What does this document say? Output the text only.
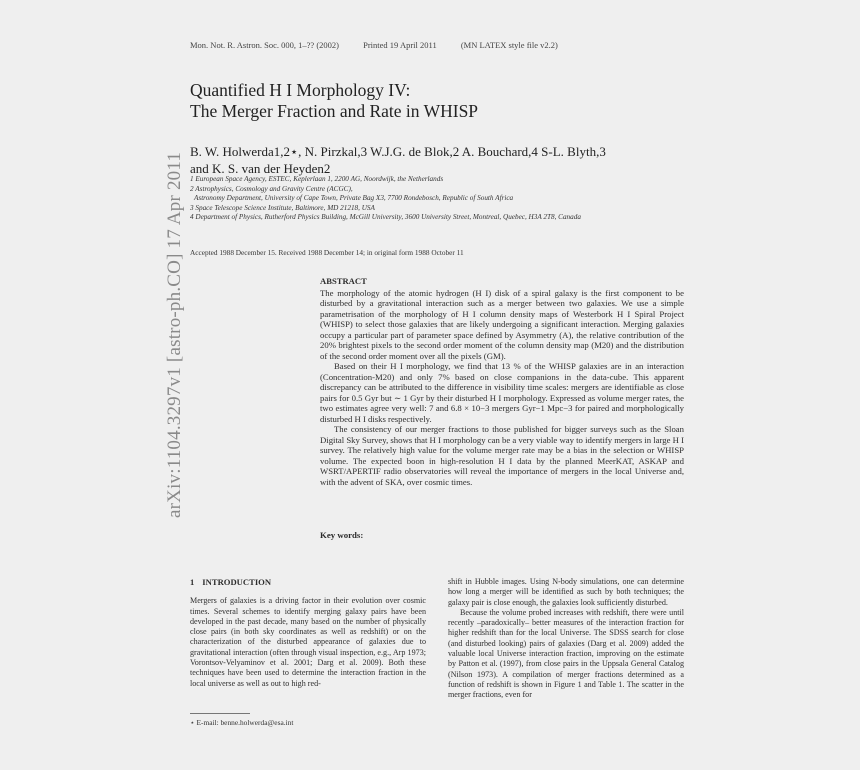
Mon. Not. R. Astron. Soc. 000, 1–?? (2002)	Printed 19 April 2011	(MN LATEX style file v2.2)
Quantified H I Morphology IV:
The Merger Fraction and Rate in WHISP
B. W. Holwerda1,2⋆, N. Pirzkal,3 W.J.G. de Blok,2 A. Bouchard,4 S-L. Blyth,3
and K. S. van der Heyden2
1 European Space Agency, ESTEC, Keplerlaan 1, 2200 AG, Noordwijk, the Netherlands
2 Astrophysics, Cosmology and Gravity Centre (ACGC),
Astronomy Department, University of Cape Town, Private Bag X3, 7700 Rondebosch, Republic of South Africa
3 Space Telescope Science Institute, Baltimore, MD 21218, USA
4 Department of Physics, Rutherford Physics Building, McGill University, 3600 University Street, Montreal, Quebec, H3A 2T8, Canada
Accepted 1988 December 15. Received 1988 December 14; in original form 1988 October 11
arXiv:1104.3297v1 [astro-ph.CO] 17 Apr 2011	ABSTRACT

The morphology of the atomic hydrogen (H I) disk of a spiral galaxy is the first component to be disturbed by a gravitational interaction such as a merger between two galaxies. We use a simple parametrisation of the morphology of H I column density maps of Westerbork H I Spiral Project (WHISP) to select those galaxies that are likely undergoing a significant interaction. Merging galaxies occupy a particular part of parameter space defined by Asymmetry (A), the relative contribution of the 20% brightest pixels to the second order moment of the column density map (M20) and the distribution of the second order moment over all the pixels (GM).

Based on their H I morphology, we find that 13 % of the WHISP galaxies are in an interaction (Concentration-M20) and only 7% based on close companions in the data-cube. This apparent discrepancy can be attributed to the difference in visibility time scales: mergers are identifiable as close pairs for 0.5 Gyr but ∼ 1 Gyr by their disturbed H I morphology. Expressed as volume merger rates, the two estimates agree very well: 7 and 6.8 × 10−3 mergers Gyr−1 Mpc−3 for paired and morphologically disturbed H I disks respectively.

The consistency of our merger fractions to those published for bigger surveys such as the Sloan Digital Sky Survey, shows that H I morphology can be a very viable way to identify mergers in large H I survey. The relatively high value for the volume merger rate may be a bias in the selection or WHISP volume. The expected boon in high-resolution H I data by the planned MeerKAT, ASKAP and WSRT/APERTIF radio observatories will reveal the importance of mergers in the local Universe and, with the advent of SKA, over cosmic times.

Key words:
1 INTRODUCTION

Mergers of galaxies is a driving factor in their evolution over cosmic times. Several schemes to identify merging galaxy pairs have been developed in the past decade, many based on the number of physically close pairs (in both sky coordinates as well as redshift) or on the characterization of the disturbed appearance of galaxies due to gravitational interaction (often through visual inspection, e.g., Arp 1973; Vorontsov-Velyaminov et al. 2001; Darg et al. 2009). Both these techniques have been used to determine the interaction fraction in the local universe as well as out to high red-

shift in Hubble images. Using N-body simulations, one can determine how long a merger will be identified as such by both techniques; the galaxy pair is close enough, the galaxies look sufficiently disturbed.

Because the volume probed increases with redshift, there were until recently –paradoxically– better measures of the interaction fraction for higher redshift than for the local Universe. The SDSS search for close (and disturbed looking) pairs of galaxies (Darg et al. 2009) added the valuable local Universe interaction fraction, improving on the estimate by Patton et al. (1997), from close pairs in the Uppsala General Catalog (Nilson 1973). A compilation of merger fractions determined as a function of redshift is shown in Figure 1 and Table 1. The scatter in the merger fractions, even for

⋆ E-mail: benne.holwerda@esa.int
